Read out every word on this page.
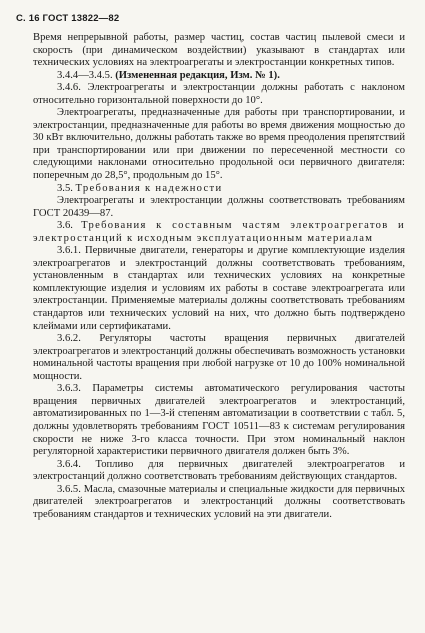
С. 16 ГОСТ 13822—82

Время непрерывной работы, размер частиц, состав частиц пылевой смеси и скорость (при динамическом воздействии) указывают в стандартах или технических условиях на электроагрегаты и электростанции конкретных типов.

3.4.4—3.4.5. (Измененная редакция, Изм. № 1).

3.4.6. Электроагрегаты и электростанции должны работать с наклоном относительно горизонтальной поверхности до 10°.

Электроагрегаты, предназначенные для работы при транспортировании, и электростанции, предназначенные для работы во время движения мощностью до 30 кВт включительно, должны работать также во время преодоления препятствий при транспортировании или при движении по пересеченной местности со следующими наклонами относительно продольной оси первичного двигателя: поперечным до 28,5°, продольным до 15°.

3.5. Требования к надежности

Электроагрегаты и электростанции должны соответствовать требованиям ГОСТ 20439—87.

3.6. Требования к составным частям электроагрегатов и электростанций к исходным эксплуатационным материалам

3.6.1. Первичные двигатели, генераторы и другие комплектующие изделия электроагрегатов и электростанций должны соответствовать требованиям, установленным в стандартах или технических условиях на конкретные комплектующие изделия и условиям их работы в составе электроагрегата или электростанции. Применяемые материалы должны соответствовать требованиям стандартов или технических условий на них, что должно быть подтверждено клеймами или сертификатами.

3.6.2. Регуляторы частоты вращения первичных двигателей электроагрегатов и электростанций должны обеспечивать возможность установки номинальной частоты вращения при любой нагрузке от 10 до 100% номинальной мощности.

3.6.3. Параметры системы автоматического регулирования частоты вращения первичных двигателей электроагрегатов и электростанций, автоматизированных по 1—3-й степеням автоматизации в соответствии с табл. 5, должны удовлетворять требованиям ГОСТ 10511—83 к системам регулирования скорости не ниже 3-го класса точности. При этом номинальный наклон регуляторной характеристики первичного двигателя должен быть 3%.

3.6.4. Топливо для первичных двигателей электроагрегатов и электростанций должно соответствовать требованиям действующих стандартов.

3.6.5. Масла, смазочные материалы и специальные жидкости для первичных двигателей электроагрегатов и электростанций должны соответствовать требованиям стандартов и технических условий на эти двигатели.
